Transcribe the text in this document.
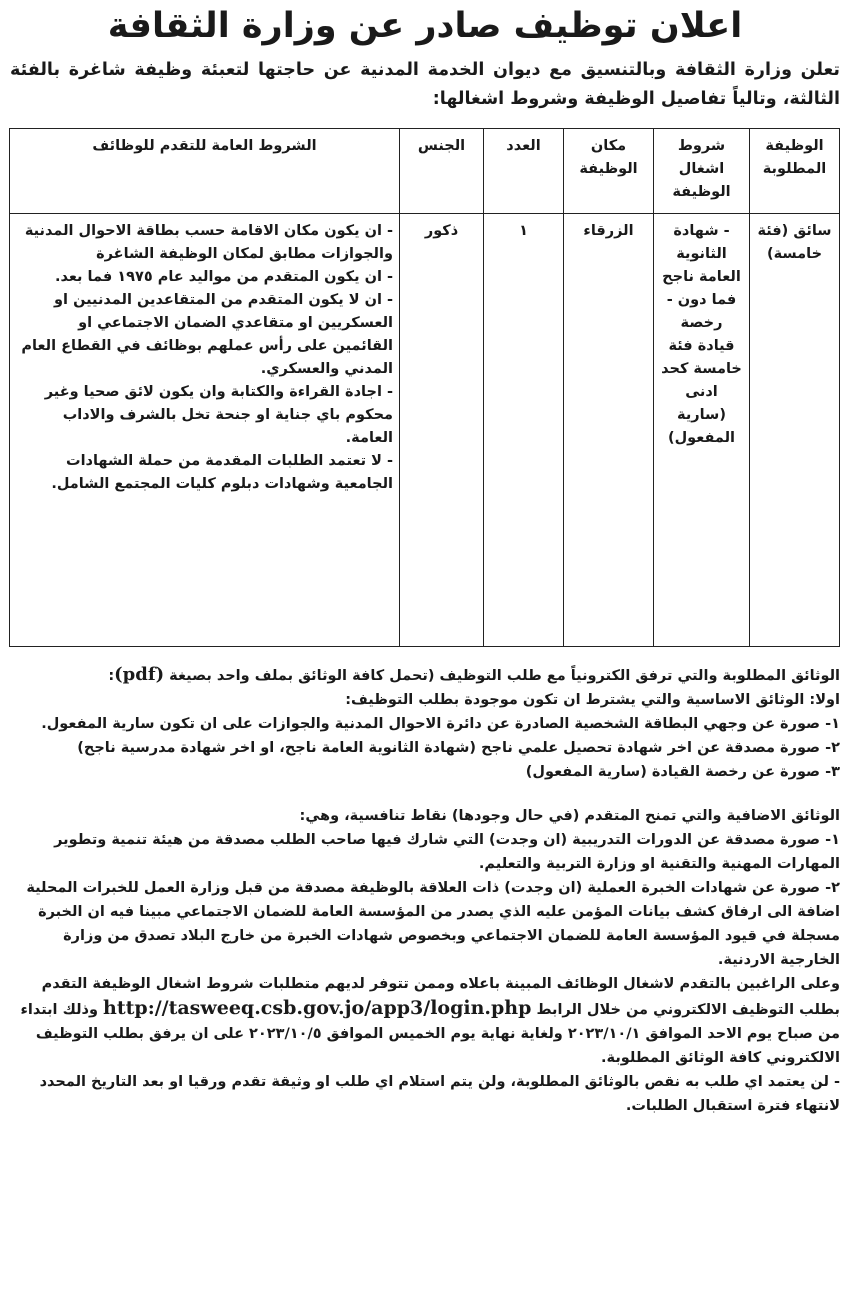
اعلان توظيف صادر عن وزارة الثقافة

تعلن وزارة الثقافة وبالتنسيق مع ديوان الخدمة المدنية عن حاجتها لتعبئة وظيفة شاغرة بالفئة الثالثة، وتالياً تفاصيل الوظيفة وشروط اشغالها:

الوظيفة المطلوبة	شروط اشغال الوظيفة	مكان الوظيفة	العدد	الجنس	الشروط العامة للتقدم للوظائف
سائق (فئة خامسة)	- شهادة الثانوية العامة ناجح فما دون - رخصة قيادة فئة خامسة كحد ادنى (سارية المفعول)	الزرقاء	١	ذكور	- ان يكون مكان الاقامة حسب بطاقة الاحوال المدنية والجوازات مطابق لمكان الوظيفة الشاغرة
- ان يكون المتقدم من مواليد عام ١٩٧٥ فما بعد.
- ان لا يكون المتقدم من المتقاعدين المدنيين او العسكريين او متقاعدي الضمان الاجتماعي او القائمين على رأس عملهم بوظائف في القطاع العام المدني والعسكري.
- اجادة القراءة والكتابة وان يكون لائق صحيا وغير محكوم باي جناية او جنحة تخل بالشرف والاداب العامة.
- لا تعتمد الطلبات المقدمة من حملة الشهادات الجامعية وشهادات دبلوم كليات المجتمع الشامل.

الوثائق المطلوبة والتي ترفق الكترونياً مع طلب التوظيف (تحمل كافة الوثائق بملف واحد بصيغة (pdf):

اولا: الوثائق الاساسية والتي يشترط ان تكون موجودة بطلب التوظيف:

١- صورة عن وجهي البطاقة الشخصية الصادرة عن دائرة الاحوال المدنية والجوازات على ان تكون سارية المفعول.

٢- صورة مصدقة عن اخر شهادة تحصيل علمي ناجح (شهادة الثانوية العامة ناجح، او اخر شهادة مدرسية ناجح)

٣- صورة عن رخصة القيادة (سارية المفعول)

الوثائق الاضافية والتي تمنح المتقدم (في حال وجودها) نقاط تنافسية، وهي:

١- صورة مصدقة عن الدورات التدريبية (ان وجدت) التي شارك فيها صاحب الطلب مصدقة من هيئة تنمية وتطوير المهارات المهنية والتقنية او وزارة التربية والتعليم.

٢- صورة عن شهادات الخبرة العملية (ان وجدت) ذات العلاقة بالوظيفة مصدقة من قبل وزارة العمل للخبرات المحلية اضافة الى ارفاق كشف بيانات المؤمن عليه الذي يصدر من المؤسسة العامة للضمان الاجتماعي مبينا فيه ان الخبرة مسجلة في قيود المؤسسة العامة للضمان الاجتماعي وبخصوص شهادات الخبرة من خارج البلاد تصدق من وزارة الخارجية الاردنية.

وعلى الراغبين بالتقدم لاشغال الوظائف المبينة باعلاه وممن تتوفر لديهم متطلبات شروط اشغال الوظيفة التقدم بطلب التوظيف الالكتروني من خلال الرابط http://tasweeq.csb.gov.jo/app3/login.php وذلك ابتداء من صباح يوم الاحد الموافق ٢٠٢٣/١٠/١ ولغاية نهاية يوم الخميس الموافق ٢٠٢٣/١٠/٥ على ان يرفق بطلب التوظيف الالكتروني كافة الوثائق المطلوبة.

- لن يعتمد اي طلب به نقص بالوثائق المطلوبة، ولن يتم استلام اي طلب او وثيقة تقدم ورقيا او بعد التاريخ المحدد لانتهاء فترة استقبال الطلبات.
